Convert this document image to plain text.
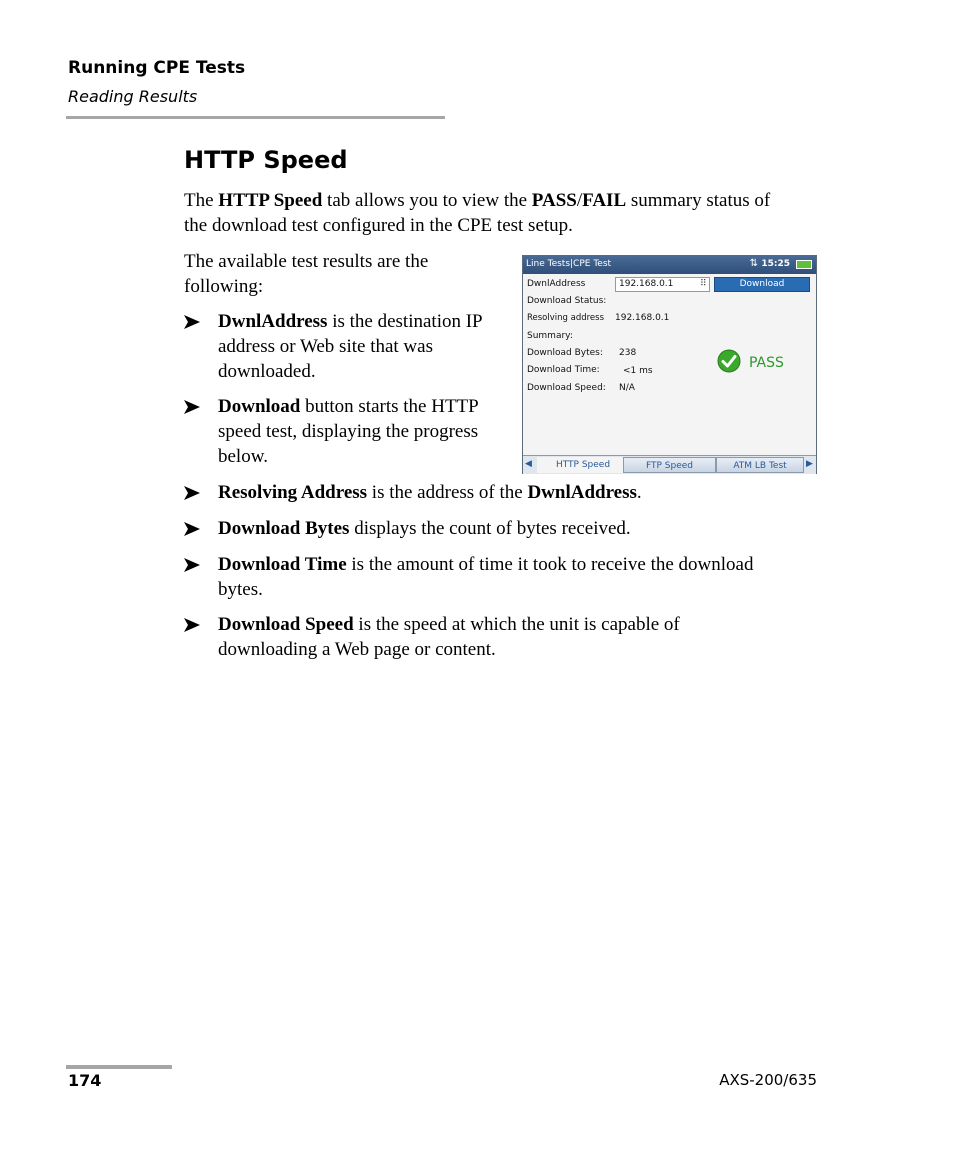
Running CPE Tests
Reading Results
HTTP Speed
The HTTP Speed tab allows you to view the PASS/FAIL summary status of
the download test configured in the CPE test setup.
The available test results are the
following:
DwnlAddress is the destination IP
address or Web site that was
downloaded.
Download button starts the HTTP
speed test, displaying the progress
below.
Resolving Address is the address of the DwnlAddress.
Download Bytes displays the count of bytes received.
Download Time is the amount of time it took to receive the download
bytes.
Download Speed is the speed at which the unit is capable of
downloading a Web page or content.
Line Tests|CPE Test	⇅ 15:25
DwnlAddress	192.168.0.1	⠿	Download
Download Status:
Resolving address 192.168.0.1
Summary:
Download Bytes: 238
Download Time:	<1 ms
Download Speed: N/A
PASS
◀	HTTP Speed	FTP Speed	ATM LB Test	▶
174	AXS-200/635
